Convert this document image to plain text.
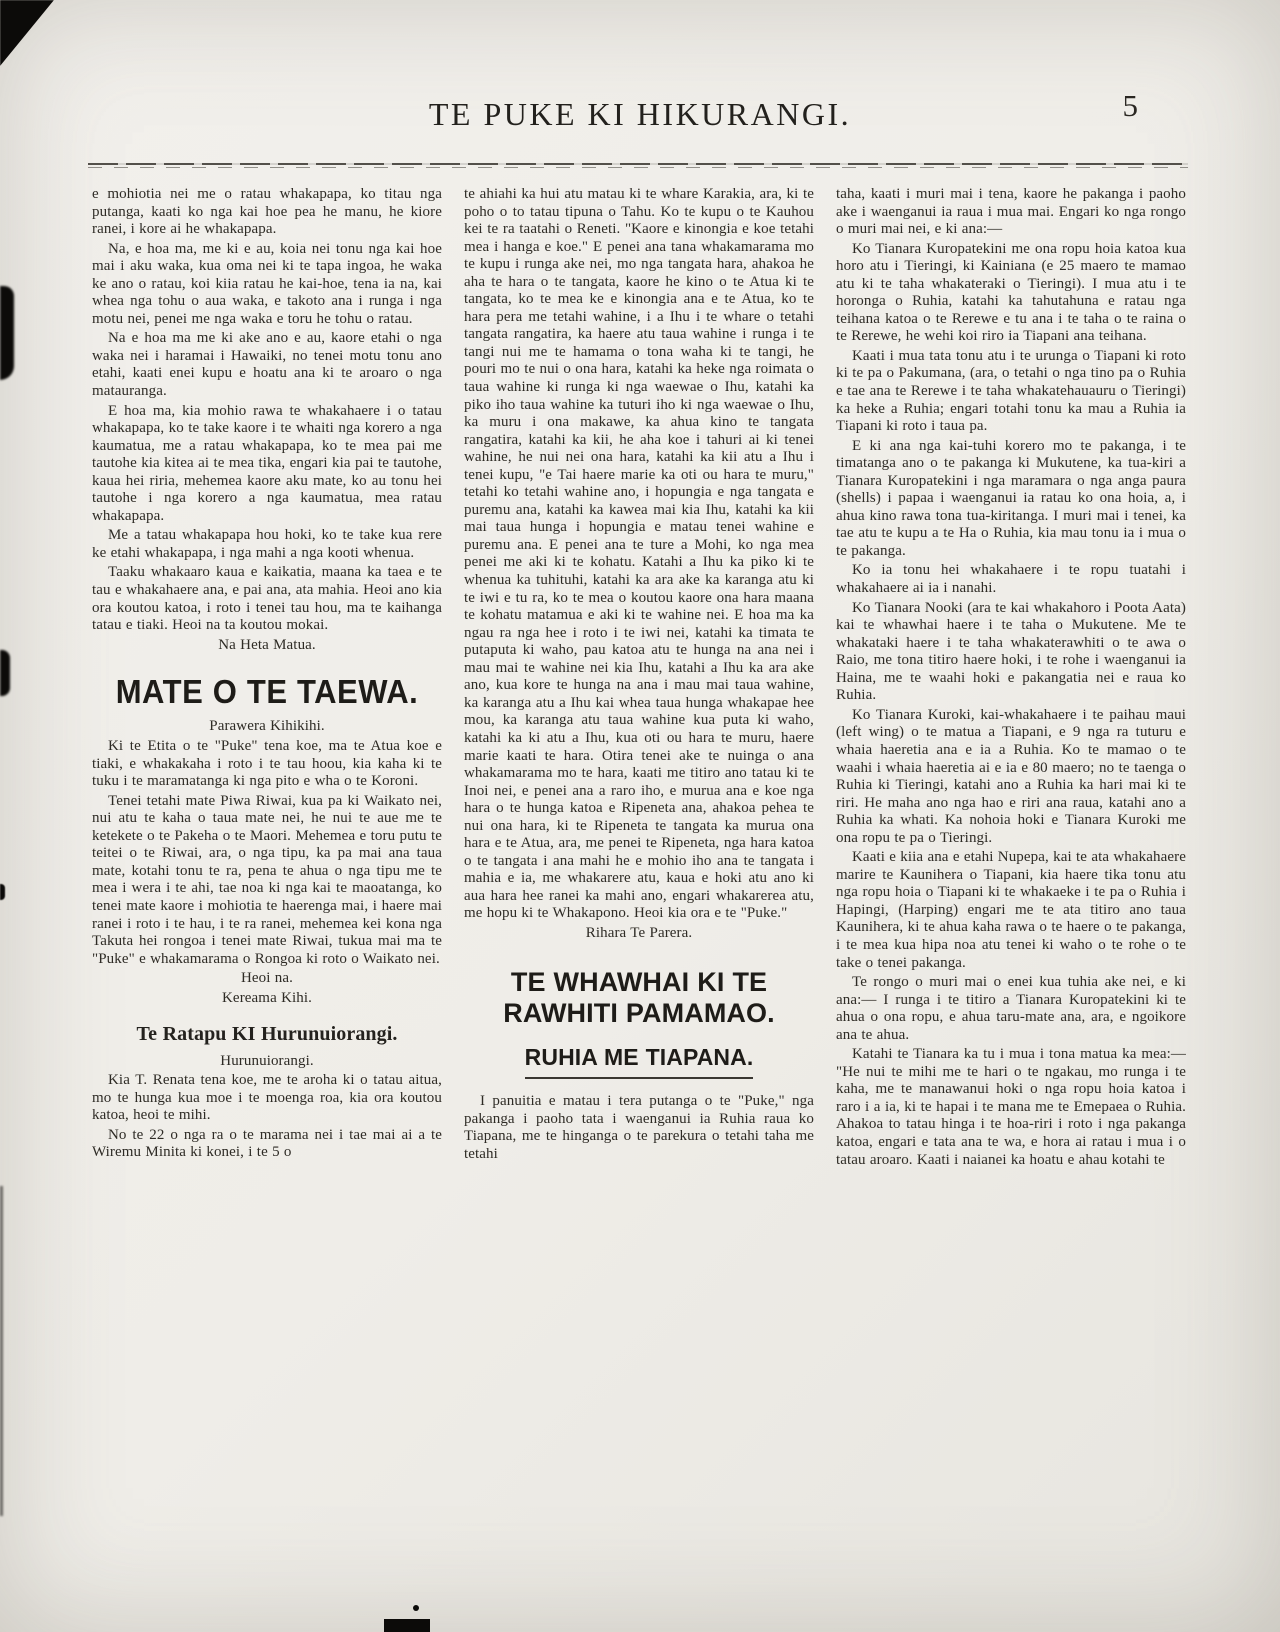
TE PUKE KI HIKURANGI.	5

e mohiotia nei me o ratau whakapapa, ko titau nga putanga, kaati ko nga kai hoe pea he manu, he kiore ranei, i kore ai he whakapapa.

Na, e hoa ma, me ki e au, koia nei tonu nga kai hoe mai i aku waka, kua oma nei ki te tapa ingoa, he waka ke ano o ratau, koi kiia ratau he kai-hoe, tena ia na, kai whea nga tohu o aua waka, e takoto ana i runga i nga motu nei, penei me nga waka e toru he tohu o ratau.

Na e hoa ma me ki ake ano e au, kaore etahi o nga waka nei i haramai i Hawaiki, no tenei motu tonu ano etahi, kaati enei kupu e hoatu ana ki te aroaro o nga matauranga.

E hoa ma, kia mohio rawa te whakahaere i o tatau whakapapa, ko te take kaore i te whaiti nga korero a nga kaumatua, me a ratau whakapapa, ko te mea pai me tautohe kia kitea ai te mea tika, engari kia pai te tautohe, kaua hei riria, mehemea kaore aku mate, ko au tonu hei tautohe i nga korero a nga kaumatua, mea ratau whakapapa.

Me a tatau whakapapa hou hoki, ko te take kua rere ke etahi whakapapa, i nga mahi a nga kooti whenua.

Taaku whakaaro kaua e kaikatia, maana ka taea e te tau e whakahaere ana, e pai ana, ata mahia. Heoi ano kia ora koutou katoa, i roto i tenei tau hou, ma te kaihanga tatau e tiaki. Heoi na ta koutou mokai.

Na Heta Matua.

MATE O TE TAEWA.

Parawera Kihikihi.

Ki te Etita o te "Puke" tena koe, ma te Atua koe e tiaki, e whakakaha i roto i te tau hoou, kia kaha ki te tuku i te maramatanga ki nga pito e wha o te Koroni.

Tenei tetahi mate Piwa Riwai, kua pa ki Waikato nei, nui atu te kaha o taua mate nei, he nui te aue me te ketekete o te Pakeha o te Maori. Mehemea e toru putu te teitei o te Riwai, ara, o nga tipu, ka pa mai ana taua mate, kotahi tonu te ra, pena te ahua o nga tipu me te mea i wera i te ahi, tae noa ki nga kai te maoatanga, ko tenei mate kaore i mohiotia te haerenga mai, i haere mai ranei i roto i te hau, i te ra ranei, mehemea kei kona nga Takuta hei rongoa i tenei mate Riwai, tukua mai ma te "Puke" e whakamarama o Rongoa ki roto o Waikato nei.

Heoi na.

Kereama Kihi.

Te Ratapu KI Hurunuiorangi.

Hurunuiorangi.

Kia T. Renata tena koe, me te aroha ki o tatau aitua, mo te hunga kua moe i te moenga roa, kia ora koutou katoa, heoi te mihi.

No te 22 o nga ra o te marama nei i tae mai ai a te Wiremu Minita ki konei, i te 5 o

te ahiahi ka hui atu matau ki te whare Karakia, ara, ki te poho o to tatau tipuna o Tahu. Ko te kupu o te Kauhou kei te ra taatahi o Reneti. "Kaore e kinongia e koe tetahi mea i hanga e koe." E penei ana tana whakamarama mo te kupu i runga ake nei, mo nga tangata hara, ahakoa he aha te hara o te tangata, kaore he kino o te Atua ki te tangata, ko te mea ke e kinongia ana e te Atua, ko te hara pera me tetahi wahine, i a Ihu i te whare o tetahi tangata rangatira, ka haere atu taua wahine i runga i te tangi nui me te hamama o tona waha ki te tangi, he pouri mo te nui o ona hara, katahi ka heke nga roimata o taua wahine ki runga ki nga waewae o Ihu, katahi ka piko iho taua wahine ka tuturi iho ki nga waewae o Ihu, ka muru i ona makawe, ka ahua kino te tangata rangatira, katahi ka kii, he aha koe i tahuri ai ki tenei wahine, he nui nei ona hara, katahi ka kii atu a Ihu i tenei kupu, "e Tai haere marie ka oti ou hara te muru," tetahi ko tetahi wahine ano, i hopungia e nga tangata e puremu ana, katahi ka kawea mai kia Ihu, katahi ka kii mai taua hunga i hopungia e matau tenei wahine e puremu ana. E penei ana te ture a Mohi, ko nga mea penei me aki ki te kohatu. Katahi a Ihu ka piko ki te whenua ka tuhituhi, katahi ka ara ake ka karanga atu ki te iwi e tu ra, ko te mea o koutou kaore ona hara maana te kohatu matamua e aki ki te wahine nei. E hoa ma ka ngau ra nga hee i roto i te iwi nei, katahi ka timata te putaputa ki waho, pau katoa atu te hunga na ana nei i mau mai te wahine nei kia Ihu, katahi a Ihu ka ara ake ano, kua kore te hunga na ana i mau mai taua wahine, ka karanga atu a Ihu kai whea taua hunga whakapae hee mou, ka karanga atu taua wahine kua puta ki waho, katahi ka ki atu a Ihu, kua oti ou hara te muru, haere marie kaati te hara. Otira tenei ake te nuinga o ana whakamarama mo te hara, kaati me titiro ano tatau ki te Inoi nei, e penei ana a raro iho, e murua ana e koe nga hara o te hunga katoa e Ripeneta ana, ahakoa pehea te nui ona hara, ki te Ripeneta te tangata ka murua ona hara e te Atua, ara, me penei te Ripeneta, nga hara katoa o te tangata i ana mahi he e mohio iho ana te tangata i mahia e ia, me whakarere atu, kaua e hoki atu ano ki aua hara hee ranei ka mahi ano, engari whakarerea atu, me hopu ki te Whakapono. Heoi kia ora e te "Puke."

Rihara Te Parera.

TE WHAWHAI KI TE RAWHITI PAMAMAO.
RUHIA ME TIAPANA.

I panuitia e matau i tera putanga o te "Puke," nga pakanga i paoho tata i waenganui ia Ruhia raua ko Tiapana, me te hinganga o te parekura o tetahi taha me tetahi

taha, kaati i muri mai i tena, kaore he pakanga i paoho ake i waenganui ia raua i mua mai. Engari ko nga rongo o muri mai nei, e ki ana:—

Ko Tianara Kuropatekini me ona ropu hoia katoa kua horo atu i Tieringi, ki Kainiana (e 25 maero te mamao atu ki te taha whakateraki o Tieringi). I mua atu i te horonga o Ruhia, katahi ka tahutahuna e ratau nga teihana katoa o te Rerewe e tu ana i te taha o te raina o te Rerewe, he wehi koi riro ia Tiapani ana teihana.

Kaati i mua tata tonu atu i te urunga o Tiapani ki roto ki te pa o Pakumana, (ara, o tetahi o nga tino pa o Ruhia e tae ana te Rerewe i te taha whakatehauauru o Tieringi) ka heke a Ruhia; engari totahi tonu ka mau a Ruhia ia Tiapani ki roto i taua pa.

E ki ana nga kai-tuhi korero mo te pakanga, i te timatanga ano o te pakanga ki Mukutene, ka tua-kiri a Tianara Kuropatekini i nga maramara o nga anga paura (shells) i papaa i waenganui ia ratau ko ona hoia, a, i ahua kino rawa tona tua-kiritanga. I muri mai i tenei, ka tae atu te kupu a te Ha o Ruhia, kia mau tonu ia i mua o te pakanga.

Ko ia tonu hei whakahaere i te ropu tuatahi i whakahaere ai ia i nanahi.

Ko Tianara Nooki (ara te kai whakahoro i Poota Aata) kai te whawhai haere i te taha o Mukutene. Me te whakataki haere i te taha whakaterawhiti o te awa o Raio, me tona titiro haere hoki, i te rohe i waenganui ia Haina, me te waahi hoki e pakangatia nei e raua ko Ruhia.

Ko Tianara Kuroki, kai-whakahaere i te paihau maui (left wing) o te matua a Tiapani, e 9 nga ra tuturu e whaia haeretia ana e ia a Ruhia. Ko te mamao o te waahi i whaia haeretia ai e ia e 80 maero; no te taenga o Ruhia ki Tieringi, katahi ano a Ruhia ka hari mai ki te riri. He maha ano nga hao e riri ana raua, katahi ano a Ruhia ka whati. Ka nohoia hoki e Tianara Kuroki me ona ropu te pa o Tieringi.

Kaati e kiia ana e etahi Nupepa, kai te ata whakahaere marire te Kaunihera o Tiapani, kia haere tika tonu atu nga ropu hoia o Tiapani ki te whakaeke i te pa o Ruhia i Hapingi, (Harping) engari me te ata titiro ano taua Kaunihera, ki te ahua kaha rawa o te haere o te pakanga, i te mea kua hipa noa atu tenei ki waho o te rohe o te take o tenei pakanga.

Te rongo o muri mai o enei kua tuhia ake nei, e ki ana:— I runga i te titiro a Tianara Kuropatekini ki te ahua o ona ropu, e ahua taru-mate ana, ara, e ngoikore ana te ahua.

Katahi te Tianara ka tu i mua i tona matua ka mea:— "He nui te mihi me te hari o te ngakau, mo runga i te kaha, me te manawanui hoki o nga ropu hoia katoa i raro i a ia, ki te hapai i te mana me te Emepaea o Ruhia. Ahakoa to tatau hinga i te hoa-riri i roto i nga pakanga katoa, engari e tata ana te wa, e hora ai ratau i mua i o tatau aroaro. Kaati i naianei ka hoatu e ahau kotahi te
